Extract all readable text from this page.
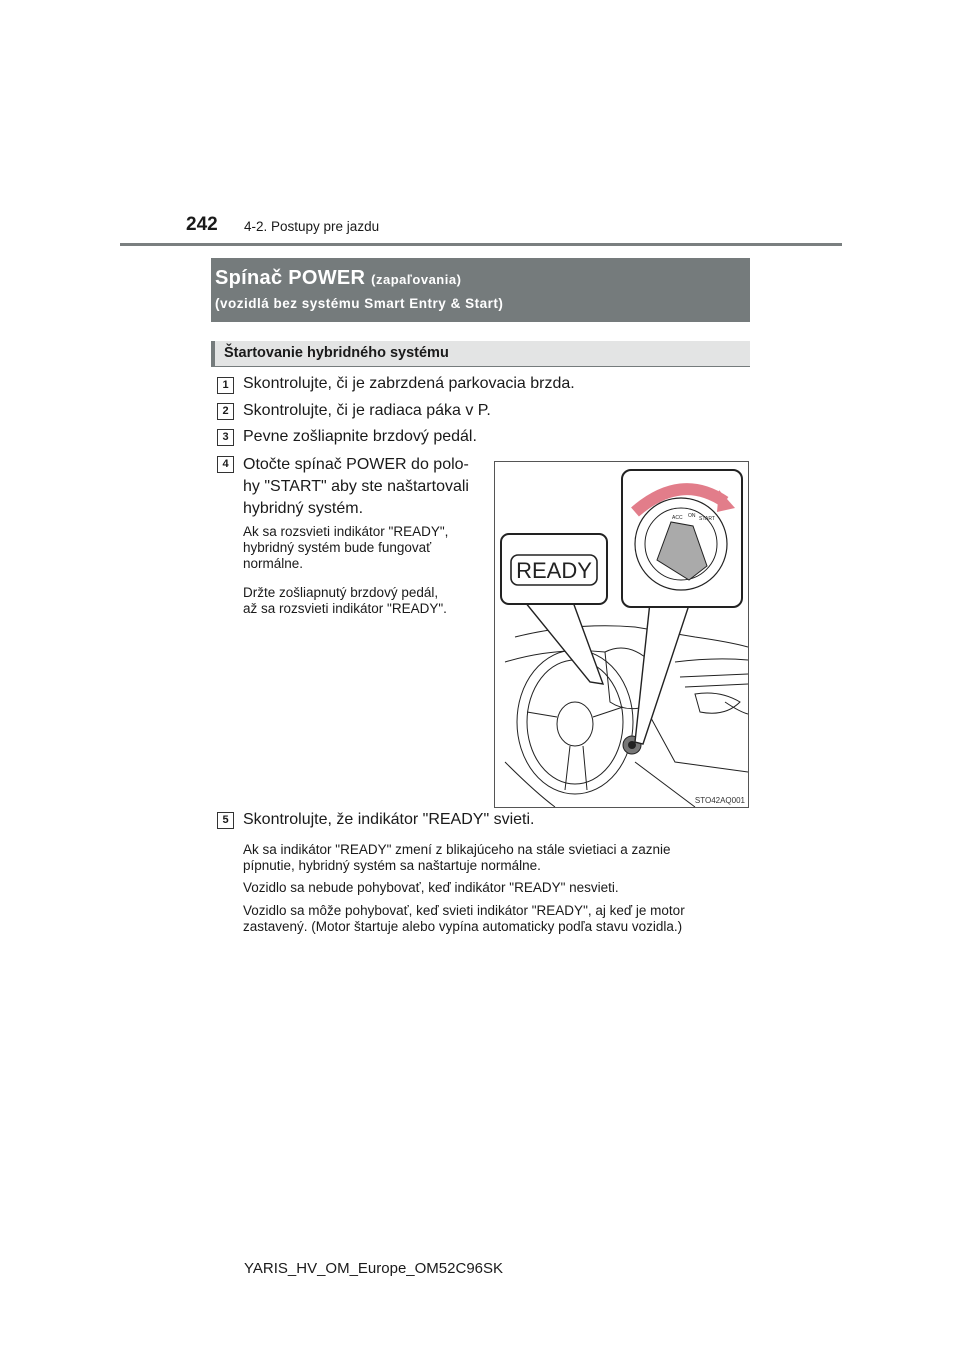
242 4-2. Postupy pre jazdu
Spínač POWER (zapaľovania)
(vozidlá bez systému Smart Entry & Start)
Štartovanie hybridného systému
1 Skontrolujte, či je zabrzdená parkovacia brzda.
2 Skontrolujte, či je radiaca páka v P.
3 Pevne zošliapnite brzdový pedál.
4 Otočte spínač POWER do polo-
hy "START" aby ste naštartovali
hybridný systém.
Ak sa rozsvieti indikátor "READY",
hybridný systém bude fungovať
normálne.
Držte zošliapnutý brzdový pedál,
až sa rozsvieti indikátor "READY".
READY
ACC ON START
STO42AQ001
5 Skontrolujte, že indikátor "READY" svieti.
Ak sa indikátor "READY" zmení z blikajúceho na stále svietiaci a zaznie
pípnutie, hybridný systém sa naštartuje normálne.
Vozidlo sa nebude pohybovať, keď indikátor "READY" nesvieti.
Vozidlo sa môže pohybovať, keď svieti indikátor "READY", aj keď je motor
zastavený. (Motor štartuje alebo vypína automaticky podľa stavu vozidla.)
YARIS_HV_OM_Europe_OM52C96SK
